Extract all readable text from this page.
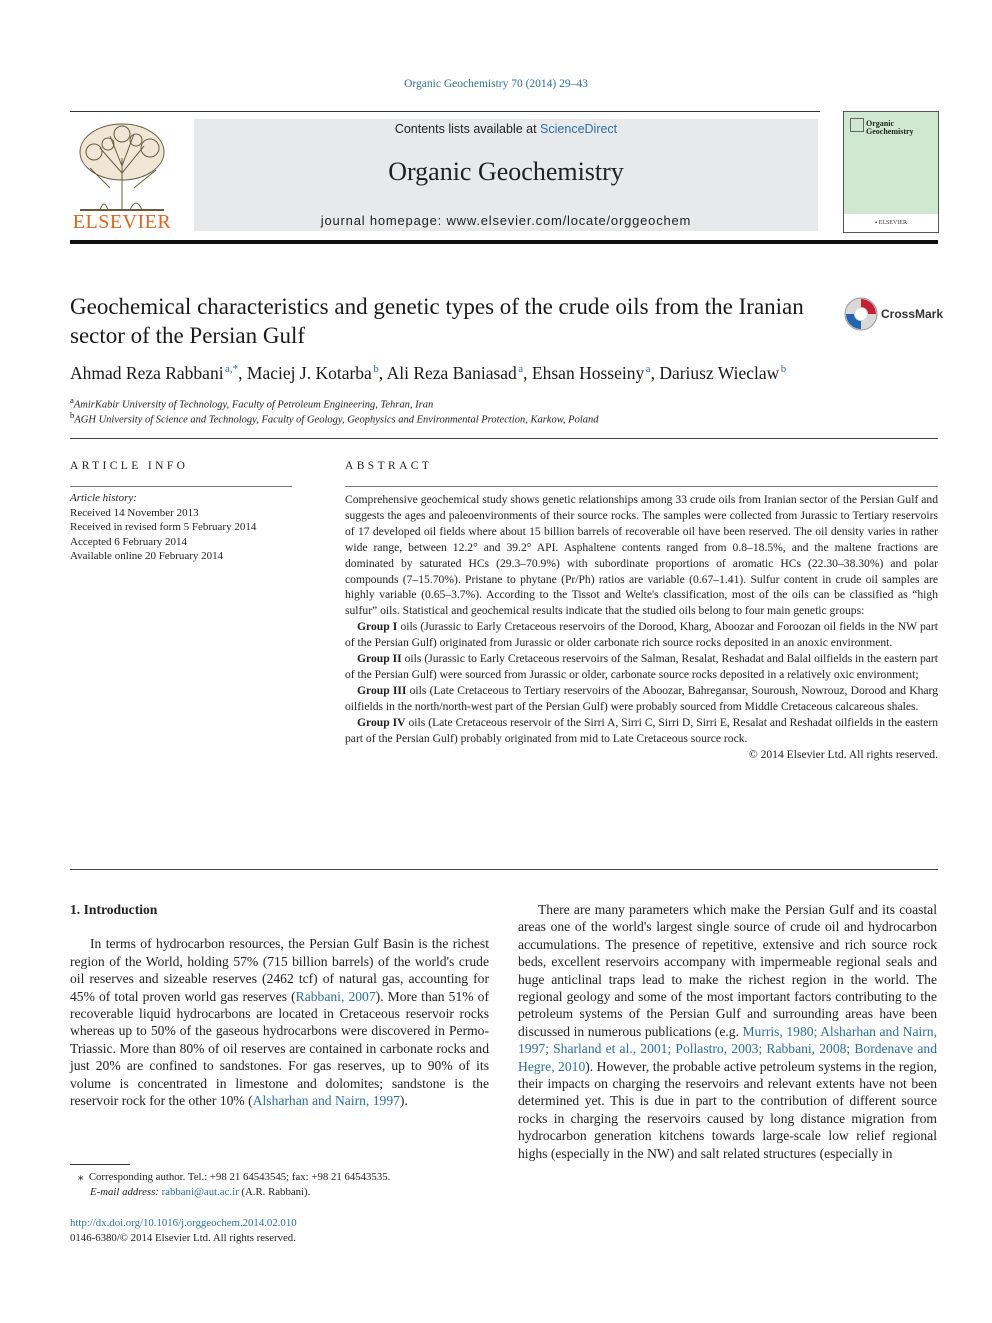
Organic Geochemistry 70 (2014) 29–43
ELSEVIER
Contents lists available at ScienceDirect
Organic Geochemistry
journal homepage: www.elsevier.com/locate/orggeochem
Organic Geochemistry
▪ ELSEVIER
Geochemical characteristics and genetic types of the crude oils from the Iranian sector of the Persian Gulf
CrossMark
Ahmad Reza Rabbani $^{a,*}$, Maciej J. Kotarba $^b$, Ali Reza Baniasad $^a$, Ehsan Hosseiny $^a$, Dariusz Wieclaw $^b$
$^a$AmirKabir University of Technology, Faculty of Petroleum Engineering, Tehran, Iran
$^b$AGH University of Science and Technology, Faculty of Geology, Geophysics and Environmental Protection, Karkow, Poland
ARTICLE INFO
Article history:
Received 14 November 2013
Received in revised form 5 February 2014
Accepted 6 February 2014
Available online 20 February 2014
ABSTRACT

Comprehensive geochemical study shows genetic relationships among 33 crude oils from Iranian sector of the Persian Gulf and suggests the ages and paleoenvironments of their source rocks. The samples were collected from Jurassic to Tertiary reservoirs of 17 developed oil fields where about 15 billion barrels of recoverable oil have been reserved. The oil density varies in rather wide range, between 12.2° and 39.2° API. Asphaltene contents ranged from 0.8–18.5%, and the maltene fractions are dominated by saturated HCs (29.3–70.9%) with subordinate proportions of aromatic HCs (22.30–38.30%) and polar compounds (7–15.70%). Pristane to phytane (Pr/Ph) ratios are variable (0.67–1.41). Sulfur content in crude oil samples are highly variable (0.65–3.7%). According to the Tissot and Welte's classification, most of the oils can be classified as “high sulfur” oils. Statistical and geochemical results indicate that the studied oils belong to four main genetic groups:

Group I oils (Jurassic to Early Cretaceous reservoirs of the Dorood, Kharg, Aboozar and Foroozan oil fields in the NW part of the Persian Gulf) originated from Jurassic or older carbonate rich source rocks deposited in an anoxic environment.

Group II oils (Jurassic to Early Cretaceous reservoirs of the Salman, Resalat, Reshadat and Balal oilfields in the eastern part of the Persian Gulf) were sourced from Jurassic or older, carbonate source rocks deposited in a relatively oxic environment;

Group III oils (Late Cretaceous to Tertiary reservoirs of the Aboozar, Bahregansar, Souroush, Nowrouz, Dorood and Kharg oilfields in the north/north-west part of the Persian Gulf) were probably sourced from Middle Cretaceous calcareous shales.

Group IV oils (Late Cretaceous reservoir of the Sirri A, Sirri C, Sirri D, Sirri E, Resalat and Reshadat oilfields in the eastern part of the Persian Gulf) probably originated from mid to Late Cretaceous source rock.

© 2014 Elsevier Ltd. All rights reserved.

1. Introduction

In terms of hydrocarbon resources, the Persian Gulf Basin is the richest region of the World, holding 57% (715 billion barrels) of the world's crude oil reserves and sizeable reserves (2462 tcf) of natural gas, accounting for 45% of total proven world gas reserves (Rabbani, 2007). More than 51% of recoverable liquid hydrocarbons are located in Cretaceous reservoir rocks whereas up to 50% of the gaseous hydrocarbons were discovered in Permo-Triassic. More than 80% of oil reserves are contained in carbonate rocks and just 20% are confined to sandstones. For gas reserves, up to 90% of its volume is concentrated in limestone and dolomites; sandstone is the reservoir rock for the other 10% (Alsharhan and Nairn, 1997).

There are many parameters which make the Persian Gulf and its coastal areas one of the world's largest single source of crude oil and hydrocarbon accumulations. The presence of repetitive, extensive and rich source rock beds, excellent reservoirs accompany with impermeable regional seals and huge anticlinal traps lead to make the richest region in the world. The regional geology and some of the most important factors contributing to the petroleum systems of the Persian Gulf and surrounding areas have been discussed in numerous publications (e.g. Murris, 1980; Alsharhan and Nairn, 1997; Sharland et al., 2001; Pollastro, 2003; Rabbani, 2008; Bordenave and Hegre, 2010). However, the probable active petroleum systems in the region, their impacts on charging the reservoirs and relevant extents have not been determined yet. This is due in part to the contribution of different source rocks in charging the reservoirs caused by long distance migration from hydrocarbon generation kitchens towards large-scale low relief regional highs (especially in the NW) and salt related structures (especially in

⁎ Corresponding author. Tel.: +98 21 64543545; fax: +98 21 64543535.
E-mail address: rabbani@aut.ac.ir (A.R. Rabbani).
http://dx.doi.org/10.1016/j.orggeochem.2014.02.010
0146-6380/© 2014 Elsevier Ltd. All rights reserved.
